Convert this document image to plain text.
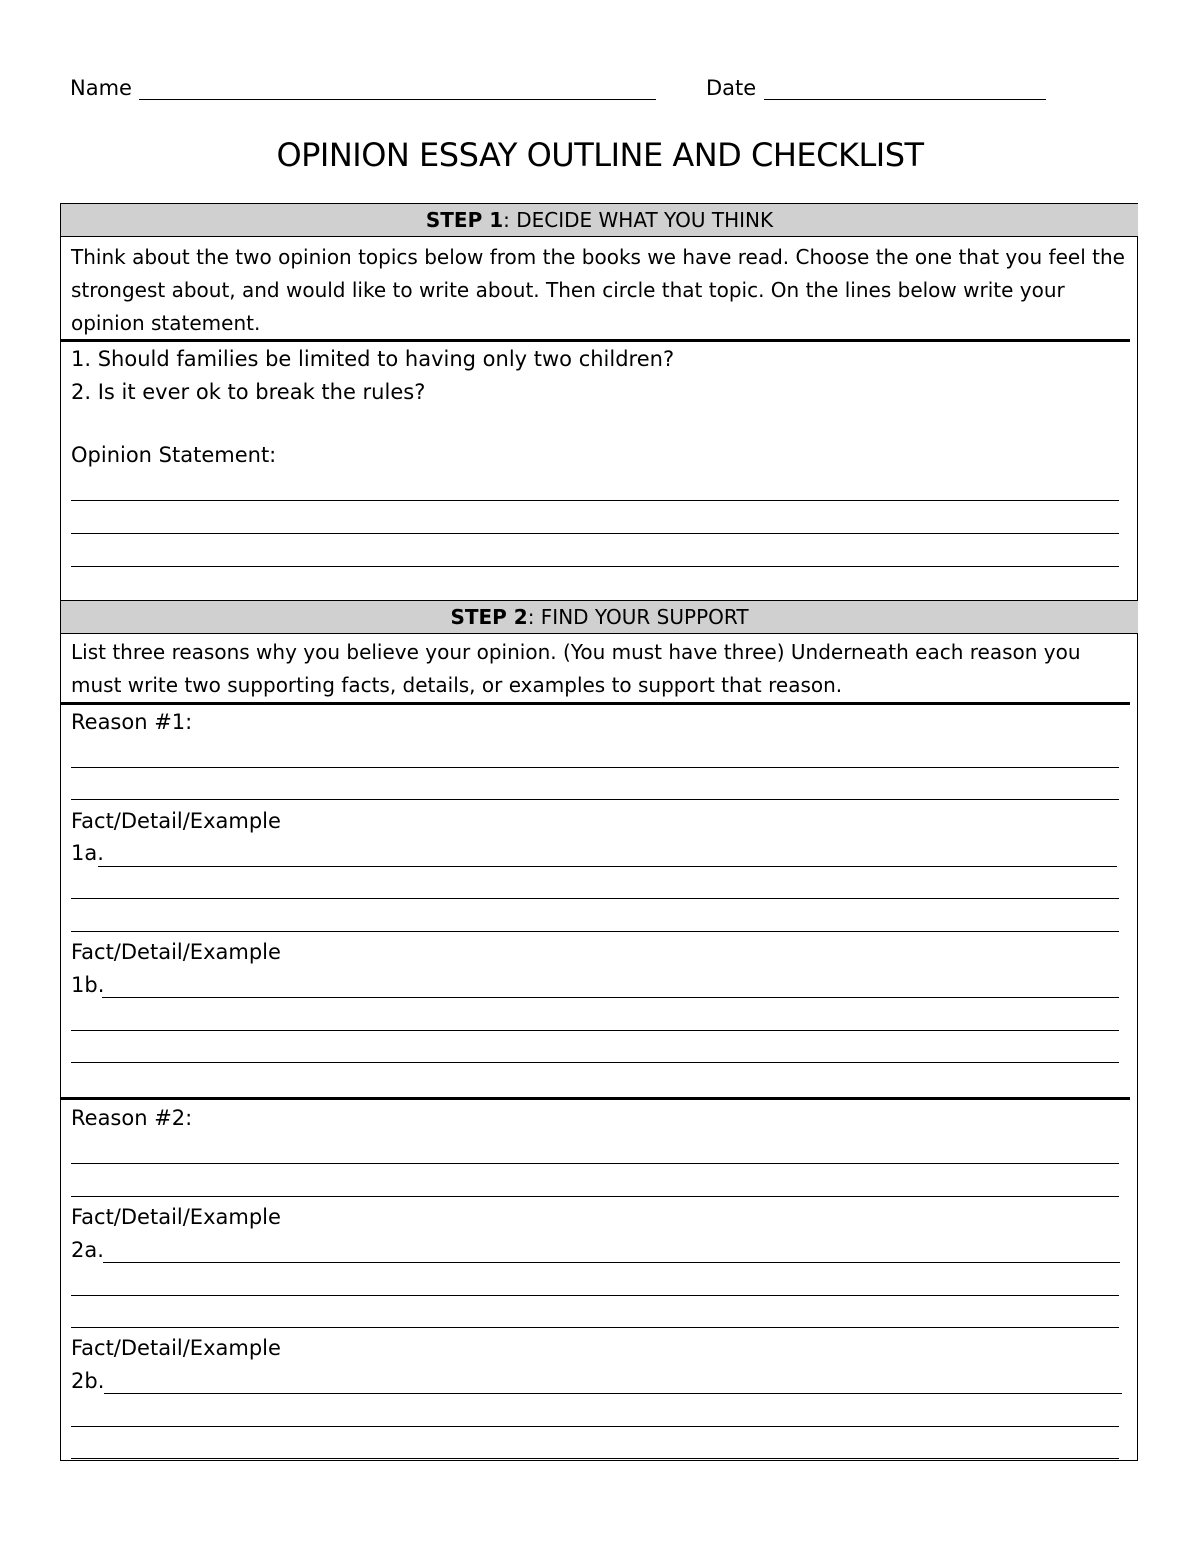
Name	Date
OPINION ESSAY OUTLINE AND CHECKLIST
STEP 1: DECIDE WHAT YOU THINK
Think about the two opinion topics below from the books we have read. Choose the one that you feel the strongest about, and would like to write about. Then circle that topic. On the lines below write your opinion statement.
1. Should families be limited to having only two children?
2. Is it ever ok to break the rules?
Opinion Statement:
STEP 2: FIND YOUR SUPPORT
List three reasons why you believe your opinion. (You must have three) Underneath each reason you must write two supporting facts, details, or examples to support that reason.
Reason #1:
Fact/Detail/Example
1a.
Fact/Detail/Example
1b.
Reason #2:
Fact/Detail/Example
2a.
Fact/Detail/Example
2b.
